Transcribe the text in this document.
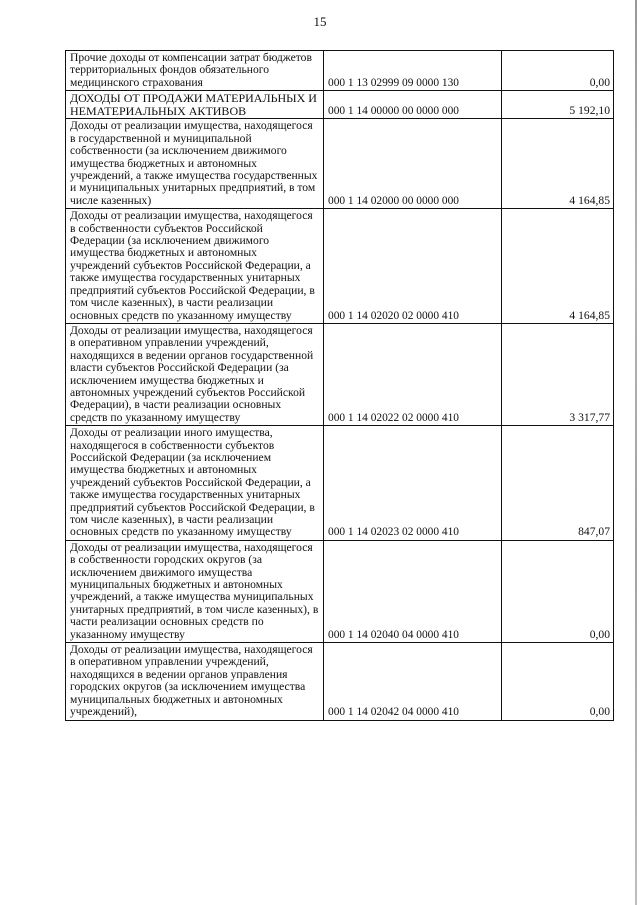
15
Прочие доходы от компенсации затрат бюджетов территориальных фондов обязательного медицинского страхования	000 1 13 02999 09 0000 130	0,00
ДОХОДЫ ОТ ПРОДАЖИ МАТЕРИАЛЬНЫХ И НЕМАТЕРИАЛЬНЫХ АКТИВОВ	000 1 14 00000 00 0000 000	5 192,10
Доходы от реализации имущества, находящегося в государственной и муниципальной собственности (за исключением движимого имущества бюджетных и автономных учреждений, а также имущества государственных и муниципальных унитарных предприятий, в том числе казенных)	000 1 14 02000 00 0000 000	4 164,85
Доходы от реализации имущества, находящегося в собственности субъектов Российской Федерации (за исключением движимого имущества бюджетных и автономных учреждений субъектов Российской Федерации, а также имущества государственных унитарных предприятий субъектов Российской Федерации, в том числе казенных), в части реализации основных средств по указанному имуществу	000 1 14 02020 02 0000 410	4 164,85
Доходы от реализации имущества, находящегося в оперативном управлении учреждений, находящихся в ведении органов государственной власти субъектов Российской Федерации (за исключением имущества бюджетных и автономных учреждений субъектов Российской Федерации), в части реализации основных средств по указанному имуществу	000 1 14 02022 02 0000 410	3 317,77
Доходы от реализации иного имущества, находящегося в собственности субъектов Российской Федерации (за исключением имущества бюджетных и автономных учреждений субъектов Российской Федерации, а также имущества государственных унитарных предприятий субъектов Российской Федерации, в том числе казенных), в части реализации основных средств по указанному имуществу	000 1 14 02023 02 0000 410	847,07
Доходы от реализации имущества, находящегося в собственности городских округов (за исключением движимого имущества муниципальных бюджетных и автономных учреждений, а также имущества муниципальных унитарных предприятий, в том числе казенных), в части реализации основных средств по указанному имуществу	000 1 14 02040 04 0000 410	0,00
Доходы от реализации имущества, находящегося в оперативном управлении учреждений, находящихся в ведении органов управления городских округов (за исключением имущества муниципальных бюджетных и автономных учреждений),	000 1 14 02042 04 0000 410	0,00
